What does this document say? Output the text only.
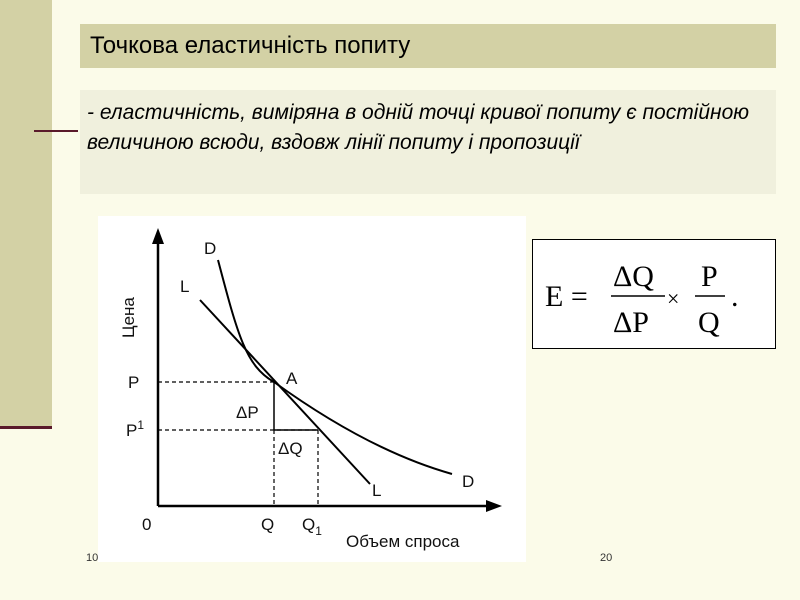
Точкова еластичність попиту
- еластичність, виміряна в одній точці кривої попиту є постійною величиною всюди, вздовж лінії попиту і пропозиції
D
D
L
L
A
P
$P^1$
0	Q $Q_1$
ΔP
ΔQ
Объем спроса
Цена
E =
ΔQ
ΔP
×
P
Q
.
10	20
